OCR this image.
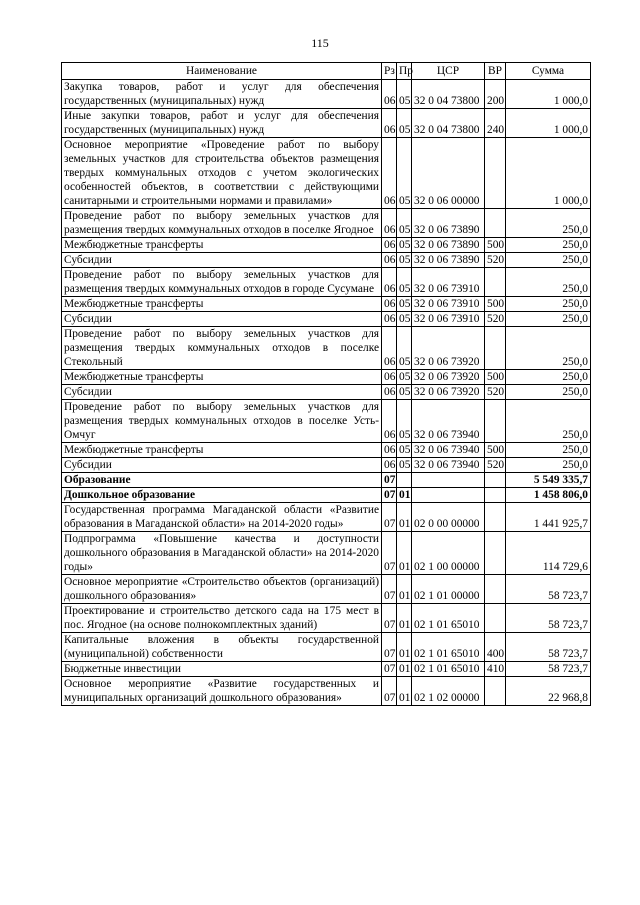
115
Наименование	Рз	Пр	ЦСР	ВР	Сумма
Закупка товаров, работ и услуг для обеспечения государственных (муниципальных) нужд	06	05	32 0 04 73800	200	1 000,0
Иные закупки товаров, работ и услуг для обеспечения государственных (муниципальных) нужд	06	05	32 0 04 73800	240	1 000,0
Основное мероприятие «Проведение работ по выбору земельных участков для строительства объектов размещения твердых коммунальных отходов с учетом экологических особенностей объектов, в соответствии с действующими санитарными и строительными нормами и правилами»	06	05	32 0 06 00000		1 000,0
Проведение работ по выбору земельных участков для размещения твердых коммунальных отходов в поселке Ягодное	06	05	32 0 06 73890		250,0
Межбюджетные трансферты	06	05	32 0 06 73890	500	250,0
Субсидии	06	05	32 0 06 73890	520	250,0
Проведение работ по выбору земельных участков для размещения твердых коммунальных отходов в городе Сусумане	06	05	32 0 06 73910		250,0
Межбюджетные трансферты	06	05	32 0 06 73910	500	250,0
Субсидии	06	05	32 0 06 73910	520	250,0
Проведение работ по выбору земельных участков для размещения твердых коммунальных отходов в поселке Стекольный	06	05	32 0 06 73920		250,0
Межбюджетные трансферты	06	05	32 0 06 73920	500	250,0
Субсидии	06	05	32 0 06 73920	520	250,0
Проведение работ по выбору земельных участков для размещения твердых коммунальных отходов в поселке Усть-Омчуг	06	05	32 0 06 73940		250,0
Межбюджетные трансферты	06	05	32 0 06 73940	500	250,0
Субсидии	06	05	32 0 06 73940	520	250,0
Образование	07				5 549 335,7
Дошкольное образование	07	01			1 458 806,0
Государственная программа Магаданской области «Развитие образования в Магаданской области» на 2014-2020 годы»	07	01	02 0 00 00000		1 441 925,7
Подпрограмма «Повышение качества и доступности дошкольного образования в Магаданской области» на 2014-2020 годы»	07	01	02 1 00 00000		114 729,6
Основное мероприятие «Строительство объектов (организаций) дошкольного образования»	07	01	02 1 01 00000		58 723,7
Проектирование и строительство детского сада на 175 мест в пос. Ягодное (на основе полнокомплектных зданий)	07	01	02 1 01 65010		58 723,7
Капитальные вложения в объекты государственной (муниципальной) собственности	07	01	02 1 01 65010	400	58 723,7
Бюджетные инвестиции	07	01	02 1 01 65010	410	58 723,7
Основное мероприятие «Развитие государственных и муниципальных организаций дошкольного образования»	07	01	02 1 02 00000		22 968,8
